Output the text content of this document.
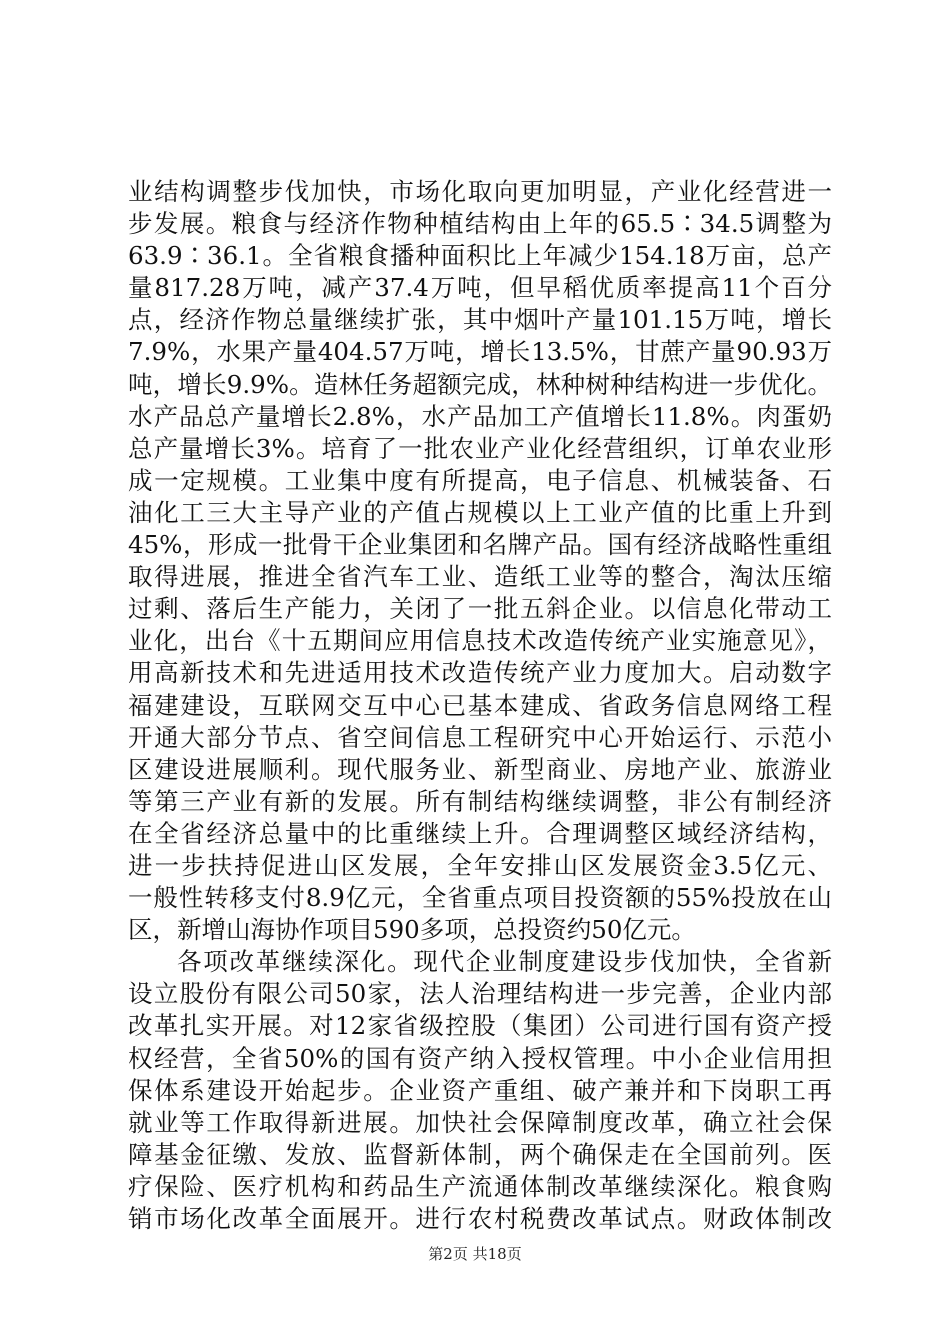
业结构调整步伐加快，市场化取向更加明显，产业化经营进一
步发展。粮食与经济作物种植结构由上年的65.5∶34.5调整为
63.9∶36.1。全省粮食播种面积比上年减少154.18万亩，总产
量817.28万吨，减产37.4万吨，但早稻优质率提高11个百分
点，经济作物总量继续扩张，其中烟叶产量101.15万吨，增长
7.9%，水果产量404.57万吨，增长13.5%，甘蔗产量90.93万
吨，增长9.9%。造林任务超额完成，林种树种结构进一步优化。
水产品总产量增长2.8%，水产品加工产值增长11.8%。肉蛋奶
总产量增长3%。培育了一批农业产业化经营组织，订单农业形
成一定规模。工业集中度有所提高，电子信息、机械装备、石
油化工三大主导产业的产值占规模以上工业产值的比重上升到
45%，形成一批骨干企业集团和名牌产品。国有经济战略性重组
取得进展，推进全省汽车工业、造纸工业等的整合，淘汰压缩
过剩、落后生产能力，关闭了一批五斜企业。以信息化带动工
业化，出台《十五期间应用信息技术改造传统产业实施意见》，
用高新技术和先进适用技术改造传统产业力度加大。启动数字
福建建设，互联网交互中心已基本建成、省政务信息网络工程
开通大部分节点、省空间信息工程研究中心开始运行、示范小
区建设进展顺利。现代服务业、新型商业、房地产业、旅游业
等第三产业有新的发展。所有制结构继续调整，非公有制经济
在全省经济总量中的比重继续上升。合理调整区域经济结构，
进一步扶持促进山区发展，全年安排山区发展资金3.5亿元、
一般性转移支付8.9亿元，全省重点项目投资额的55%投放在山
区，新增山海协作项目590多项，总投资约50亿元。
各项改革继续深化。现代企业制度建设步伐加快，全省新
设立股份有限公司50家，法人治理结构进一步完善，企业内部
改革扎实开展。对12家省级控股（集团）公司进行国有资产授
权经营，全省50%的国有资产纳入授权管理。中小企业信用担
保体系建设开始起步。企业资产重组、破产兼并和下岗职工再
就业等工作取得新进展。加快社会保障制度改革，确立社会保
障基金征缴、发放、监督新体制，两个确保走在全国前列。医
疗保险、医疗机构和药品生产流通体制改革继续深化。粮食购
销市场化改革全面展开。进行农村税费改革试点。财政体制改
第2页 共18页
